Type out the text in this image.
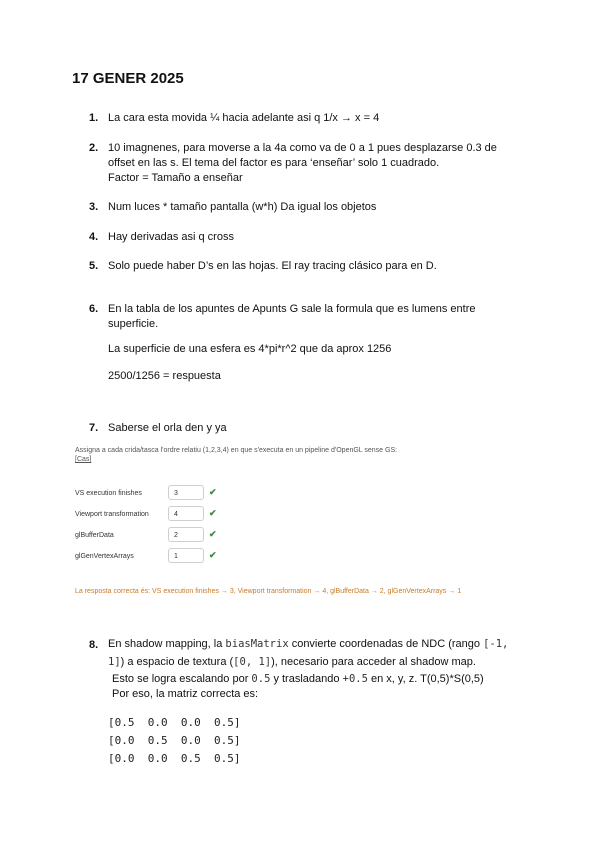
17 GENER 2025
1. La cara esta movida ¼ hacia adelante asi q 1/x → x = 4
2. 10 imagnenes, para moverse a la 4a como va de 0 a 1 pues desplazarse 0.3 de
offset en las s. El tema del factor es para ‘enseñar’ solo 1 cuadrado.
Factor = Tamaño a enseñar
3. Num luces * tamaño pantalla (w*h) Da igual los objetos
4. Hay derivadas asi q cross
5. Solo puede haber D’s en las hojas. El ray tracing clásico para en D.
6. En la tabla de los apuntes de Apunts G sale la formula que es lumens entre
superficie.
La superficie de una esfera es 4*pi*r^2 que da aprox 1256
2500/1256 = respuesta
7. Saberse el orla den y ya
Assigna a cada crida/tasca l'ordre relatiu (1,2,3,4) en que s'executa en un pipeline d'OpenGL sense GS:
[Cas]
VS execution finishes	3	✔
Viewport transformation	4	✔
glBufferData	2	✔
glGenVertexArrays	1	✔
La resposta correcta és: VS execution finishes → 3, Viewport transformation → 4, glBufferData → 2, glGenVertexArrays → 1
8. En shadow mapping, la biasMatrix convierte coordenadas de NDC (rango [-1,
1]) a espacio de textura ([0, 1]), necesario para acceder al shadow map.
Esto se logra escalando por 0.5 y trasladando +0.5 en x, y, z. T(0,5)*S(0,5)
Por eso, la matriz correcta es:
[0.5  0.0  0.0  0.5]
[0.0  0.5  0.0  0.5]
[0.0  0.0  0.5  0.5]
